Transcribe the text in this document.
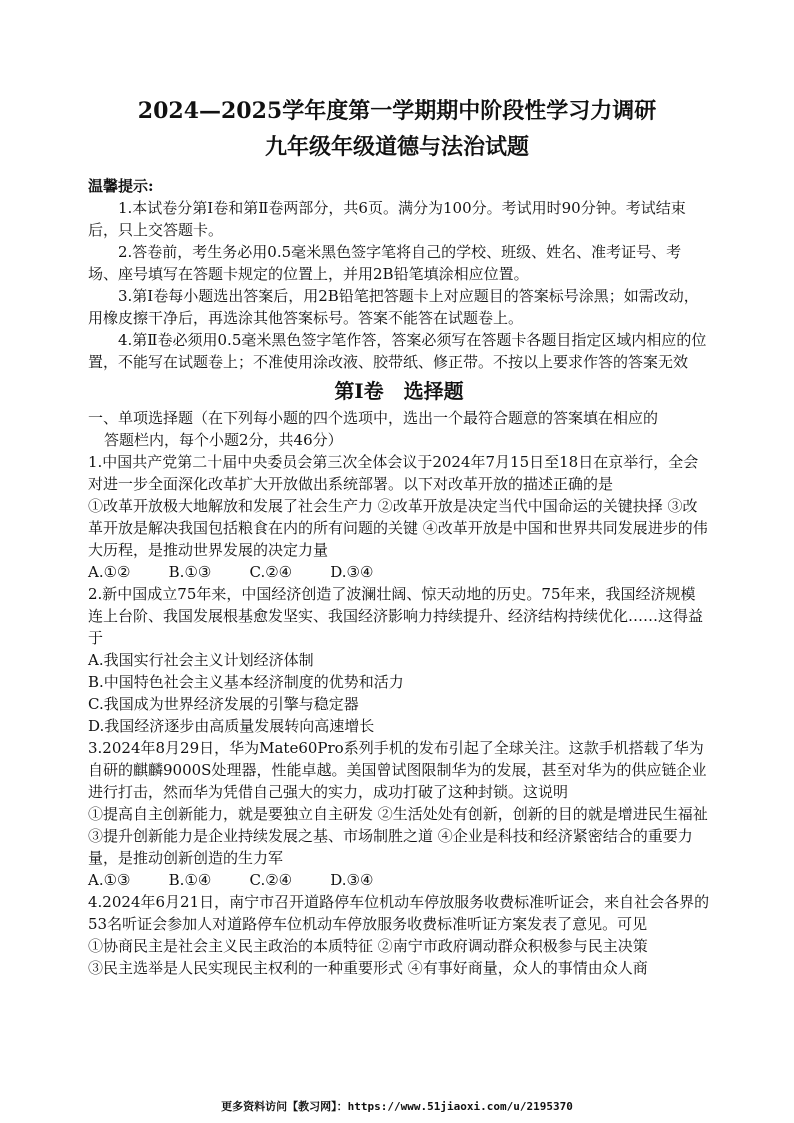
2024—2025学年度第一学期期中阶段性学习力调研
九年级年级道德与法治试题

温馨提示:

1.本试卷分第Ⅰ卷和第Ⅱ卷两部分，共6页。满分为100分。考试用时90分钟。考试结束后，只上交答题卡。

2.答卷前，考生务必用0.5毫米黑色签字笔将自己的学校、班级、姓名、准考证号、考场、座号填写在答题卡规定的位置上，并用2B铅笔填涂相应位置。

3.第Ⅰ卷每小题选出答案后，用2B铅笔把答题卡上对应题目的答案标号涂黑；如需改动，用橡皮擦干净后，再选涂其他答案标号。答案不能答在试题卷上。

4.第Ⅱ卷必须用0.5毫米黑色签字笔作答，答案必须写在答题卡各题目指定区域内相应的位置，不能写在试题卷上；不准使用涂改液、胶带纸、修正带。不按以上要求作答的答案无效

第Ⅰ卷　选择题

一、单项选择题（在下列每小题的四个选项中，选出一个最符合题意的答案填在相应的
答题栏内，每个小题2分，共46分）

1.中国共产党第二十届中央委员会第三次全体会议于2024年7月15日至18日在京举行，全会对进一步全面深化改革扩大开放做出系统部署。以下对改革开放的描述正确的是

①改革开放极大地解放和发展了社会生产力 ②改革开放是决定当代中国命运的关键抉择 ③改革开放是解决我国包括粮食在内的所有问题的关键 ④改革开放是中国和世界共同发展进步的伟大历程，是推动世界发展的决定力量

A.①②	B.①③	C.②④	D.③④

2.新中国成立75年来，中国经济创造了波澜壮阔、惊天动地的历史。75年来，我国经济规模连上台阶、我国发展根基愈发坚实、我国经济影响力持续提升、经济结构持续优化……这得益于

A.我国实行社会主义计划经济体制

B.中国特色社会主义基本经济制度的优势和活力

C.我国成为世界经济发展的引擎与稳定器

D.我国经济逐步由高质量发展转向高速增长

3.2024年8月29日，华为Mate60Pro系列手机的发布引起了全球关注。这款手机搭载了华为自研的麒麟9000S处理器，性能卓越。美国曾试图限制华为的发展，甚至对华为的供应链企业进行打击，然而华为凭借自己强大的实力，成功打破了这种封锁。这说明

①提高自主创新能力，就是要独立自主研发 ②生活处处有创新，创新的目的就是增进民生福祉 ③提升创新能力是企业持续发展之基、市场制胜之道 ④企业是科技和经济紧密结合的重要力量，是推动创新创造的生力军

A.①③	B.①④	C.②④	D.③④

4.2024年6月21日，南宁市召开道路停车位机动车停放服务收费标准听证会，来自社会各界的53名听证会参加人对道路停车位机动车停放服务收费标准听证方案发表了意见。可见

①协商民主是社会主义民主政治的本质特征 ②南宁市政府调动群众积极参与民主决策

③民主选举是人民实现民主权利的一种重要形式 ④有事好商量，众人的事情由众人商

更多资料访问【教习网】：https://www.51jiaoxi.com/u/2195370
